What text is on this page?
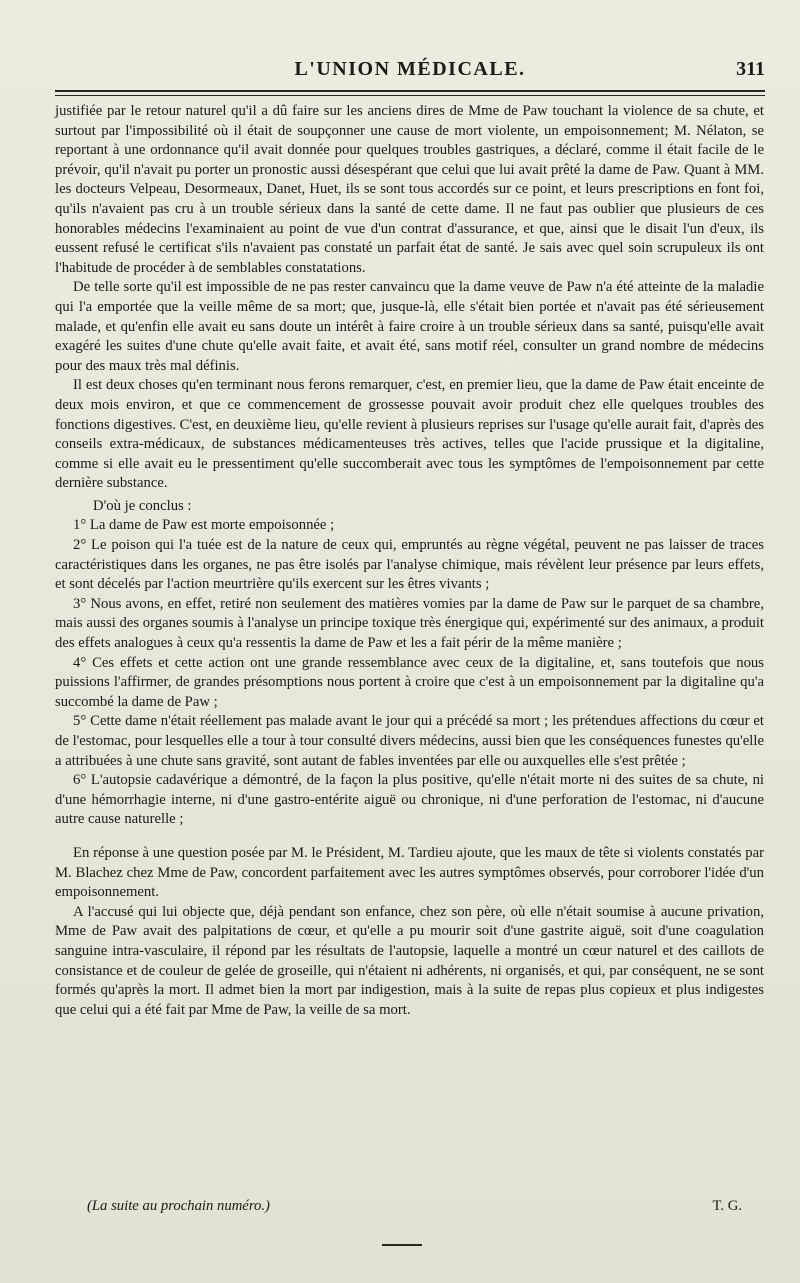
L'UNION MÉDICALE.	311

justifiée par le retour naturel qu'il a dû faire sur les anciens dires de Mme de Paw touchant la violence de sa chute, et surtout par l'impossibilité où il était de soupçonner une cause de mort violente, un empoisonnement; M. Nélaton, se reportant à une ordonnance qu'il avait donnée pour quelques troubles gastriques, a déclaré, comme il était facile de le prévoir, qu'il n'avait pu porter un pronostic aussi désespérant que celui que lui avait prêté la dame de Paw. Quant à MM. les docteurs Velpeau, Desormeaux, Danet, Huet, ils se sont tous accordés sur ce point, et leurs prescriptions en font foi, qu'ils n'avaient pas cru à un trouble sérieux dans la santé de cette dame. Il ne faut pas oublier que plusieurs de ces honorables médecins l'examinaient au point de vue d'un contrat d'assurance, et que, ainsi que le disait l'un d'eux, ils eussent refusé le certificat s'ils n'avaient pas constaté un parfait état de santé. Je sais avec quel soin scrupuleux ils ont l'habitude de procéder à de semblables constatations.

De telle sorte qu'il est impossible de ne pas rester canvaincu que la dame veuve de Paw n'a été atteinte de la maladie qui l'a emportée que la veille même de sa mort; que, jusque-là, elle s'était bien portée et n'avait pas été sérieusement malade, et qu'enfin elle avait eu sans doute un intérêt à faire croire à un trouble sérieux dans sa santé, puisqu'elle avait exagéré les suites d'une chute qu'elle avait faite, et avait été, sans motif réel, consulter un grand nombre de médecins pour des maux très mal définis.

Il est deux choses qu'en terminant nous ferons remarquer, c'est, en premier lieu, que la dame de Paw était enceinte de deux mois environ, et que ce commencement de grossesse pouvait avoir produit chez elle quelques troubles des fonctions digestives. C'est, en deuxième lieu, qu'elle revient à plusieurs reprises sur l'usage qu'elle aurait fait, d'après des conseils extra-médicaux, de substances médicamenteuses très actives, telles que l'acide prussique et la digitaline, comme si elle avait eu le pressentiment qu'elle succomberait avec tous les symptômes de l'empoisonnement par cette dernière substance.

D'où je conclus :

1° La dame de Paw est morte empoisonnée ;

2° Le poison qui l'a tuée est de la nature de ceux qui, empruntés au règne végétal, peuvent ne pas laisser de traces caractéristiques dans les organes, ne pas être isolés par l'analyse chimique, mais révèlent leur présence par leurs effets, et sont décelés par l'action meurtrière qu'ils exercent sur les êtres vivants ;

3° Nous avons, en effet, retiré non seulement des matières vomies par la dame de Paw sur le parquet de sa chambre, mais aussi des organes soumis à l'analyse un principe toxique très énergique qui, expérimenté sur des animaux, a produit des effets analogues à ceux qu'a ressentis la dame de Paw et les a fait périr de la même manière ;

4° Ces effets et cette action ont une grande ressemblance avec ceux de la digitaline, et, sans toutefois que nous puissions l'affirmer, de grandes présomptions nous portent à croire que c'est à un empoisonnement par la digitaline qu'a succombé la dame de Paw ;

5° Cette dame n'était réellement pas malade avant le jour qui a précédé sa mort ; les prétendues affections du cœur et de l'estomac, pour lesquelles elle a tour à tour consulté divers médecins, aussi bien que les conséquences funestes qu'elle a attribuées à une chute sans gravité, sont autant de fables inventées par elle ou auxquelles elle s'est prêtée ;

6° L'autopsie cadavérique a démontré, de la façon la plus positive, qu'elle n'était morte ni des suites de sa chute, ni d'une hémorrhagie interne, ni d'une gastro-entérite aiguë ou chronique, ni d'une perforation de l'estomac, ni d'aucune autre cause naturelle ;

En réponse à une question posée par M. le Président, M. Tardieu ajoute, que les maux de tête si violents constatés par M. Blachez chez Mme de Paw, concordent parfaitement avec les autres symptômes observés, pour corroborer l'idée d'un empoisonnement.

A l'accusé qui lui objecte que, déjà pendant son enfance, chez son père, où elle n'était soumise à aucune privation, Mme de Paw avait des palpitations de cœur, et qu'elle a pu mourir soit d'une gastrite aiguë, soit d'une coagulation sanguine intra-vasculaire, il répond par les résultats de l'autopsie, laquelle a montré un cœur naturel et des caillots de consistance et de couleur de gelée de groseille, qui n'étaient ni adhérents, ni organisés, et qui, par conséquent, ne se sont formés qu'après la mort. Il admet bien la mort par indigestion, mais à la suite de repas plus copieux et plus indigestes que celui qui a été fait par Mme de Paw, la veille de sa mort.

(La suite au prochain numéro.)	T. G.
